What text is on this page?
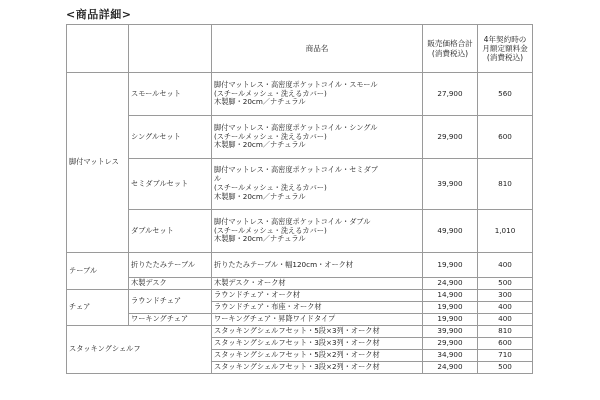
<商品詳細>
		商品名	販売価格合計
(消費税込)	4年契約時の
月額定額料金
(消費税込)
脚付マットレス	スモールセット	脚付マットレス・高密度ポケットコイル・スモール
(スチールメッシュ・洗えるカバー)
木製脚・20cm／ナチュラル	27,900	560
	シングルセット	脚付マットレス・高密度ポケットコイル・シングル
(スチールメッシュ・洗えるカバー)
木製脚・20cm／ナチュラル	29,900	600
	セミダブルセット	脚付マットレス・高密度ポケットコイル・セミダブ
ル
(スチールメッシュ・洗えるカバー)
木製脚・20cm／ナチュラル	39,900	810
	ダブルセット	脚付マットレス・高密度ポケットコイル・ダブル
(スチールメッシュ・洗えるカバー)
木製脚・20cm／ナチュラル	49,900	1,010
テーブル	折りたたみテーブル	折りたたみテーブル・幅120cm・オーク材	19,900	400
	木製デスク	木製デスク・オーク材	24,900	500
チェア	ラウンドチェア	ラウンドチェア・オーク材	14,900	300
		ラウンドチェア・布座・オーク材	19,900	400
	ワーキングチェア	ワーキングチェア・昇降ワイドタイプ	19,900	400
スタッキングシェルフ		スタッキングシェルフセット・5段×3列・オーク材	39,900	810
		スタッキングシェルフセット・3段×3列・オーク材	29,900	600
		スタッキングシェルフセット・5段×2列・オーク材	34,900	710
		スタッキングシェルフセット・3段×2列・オーク材	24,900	500
